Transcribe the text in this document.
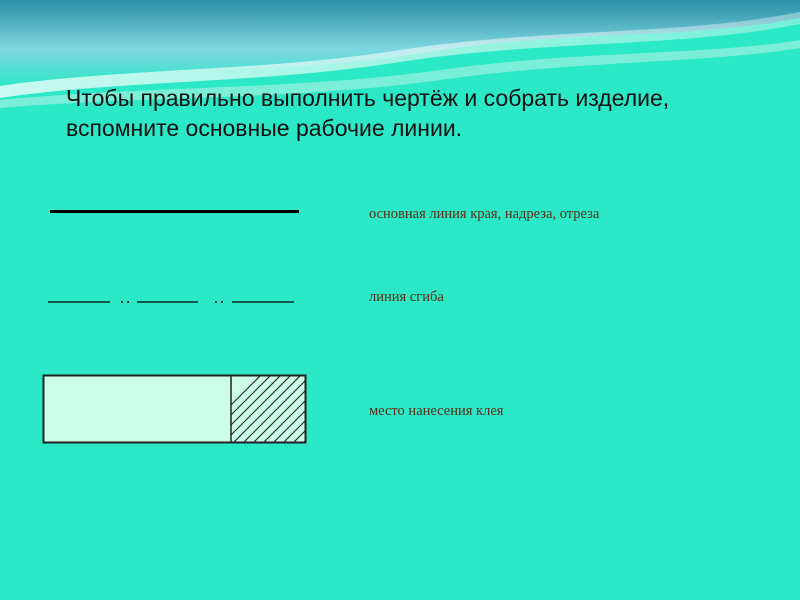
Чтобы правильно выполнить чертёж и собрать изделие, вспомните основные рабочие линии.

основная линия края, надреза, отреза

линия сгиба

место нанесения клея
